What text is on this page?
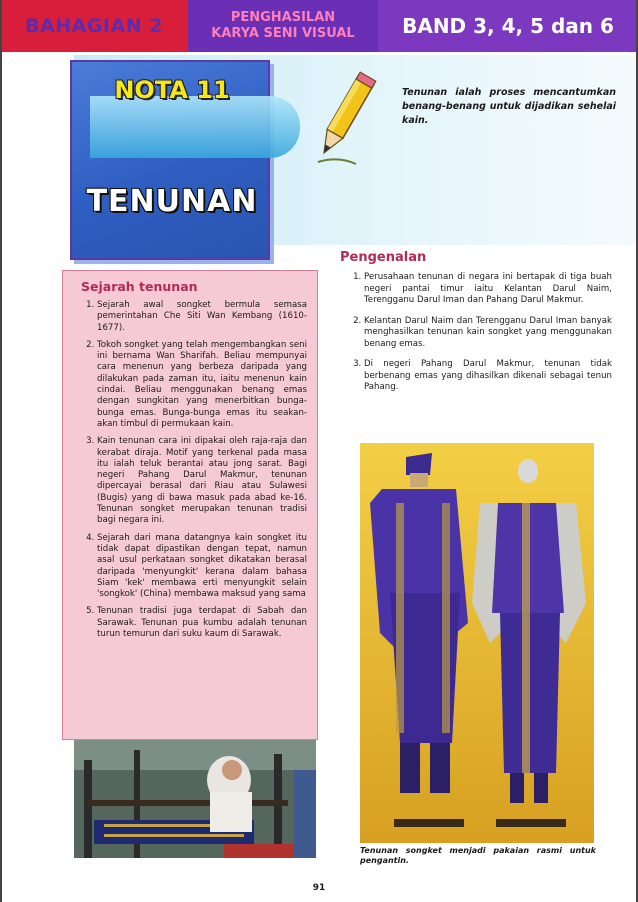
BAHAGIAN 2	PENGHASILAN
KARYA SENI VISUAL	BAND 3, 4, 5 dan 6
NOTA 11
TENUNAN
Tenunan ialah proses mencantumkan benang-benang untuk dijadikan sehelai kain.
Sejarah tenunan
1. Sejarah awal songket bermula semasa pemerintahan Che Siti Wan Kembang (1610-1677).
2. Tokoh songket yang telah mengembangkan seni ini bernama Wan Sharifah. Beliau mempunyai cara menenun yang berbeza daripada yang dilakukan pada zaman itu, iaitu menenun kain cindai. Beliau menggunakan benang emas dengan sungkitan yang menerbitkan bunga-bunga emas. Bunga-bunga emas itu seakan-akan timbul di permukaan kain.
3. Kain tenunan cara ini dipakai oleh raja-raja dan kerabat diraja. Motif yang terkenal pada masa itu ialah teluk berantai atau jong sarat. Bagi negeri Pahang Darul Makmur, tenunan dipercayai berasal dari Riau atau Sulawesi (Bugis) yang di bawa masuk pada abad ke-16. Tenunan songket merupakan tenunan tradisi bagi negara ini.
4. Sejarah dari mana datangnya kain songket itu tidak dapat dipastikan dengan tepat, namun asal usul perkataan songket dikatakan berasal daripada 'menyungkit' kerana dalam bahasa Siam 'kek' membawa erti menyungkit selain 'songkok' (China) membawa maksud yang sama
5. Tenunan tradisi juga terdapat di Sabah dan Sarawak. Tenunan pua kumbu adalah tenunan turun temurun dari suku kaum di Sarawak.
Pengenalan
1. Perusahaan tenunan di negara ini bertapak di tiga buah negeri pantai timur iaitu Kelantan Darul Naim, Terengganu Darul Iman dan Pahang Darul Makmur.
2. Kelantan Darul Naim dan Terengganu Darul Iman banyak menghasilkan tenunan kain songket yang menggunakan benang emas.
3. Di negeri Pahang Darul Makmur, tenunan tidak berbenang emas yang dihasilkan dikenali sebagai tenun Pahang.
Tenunan songket menjadi pakaian rasmi untuk pengantin.
91
